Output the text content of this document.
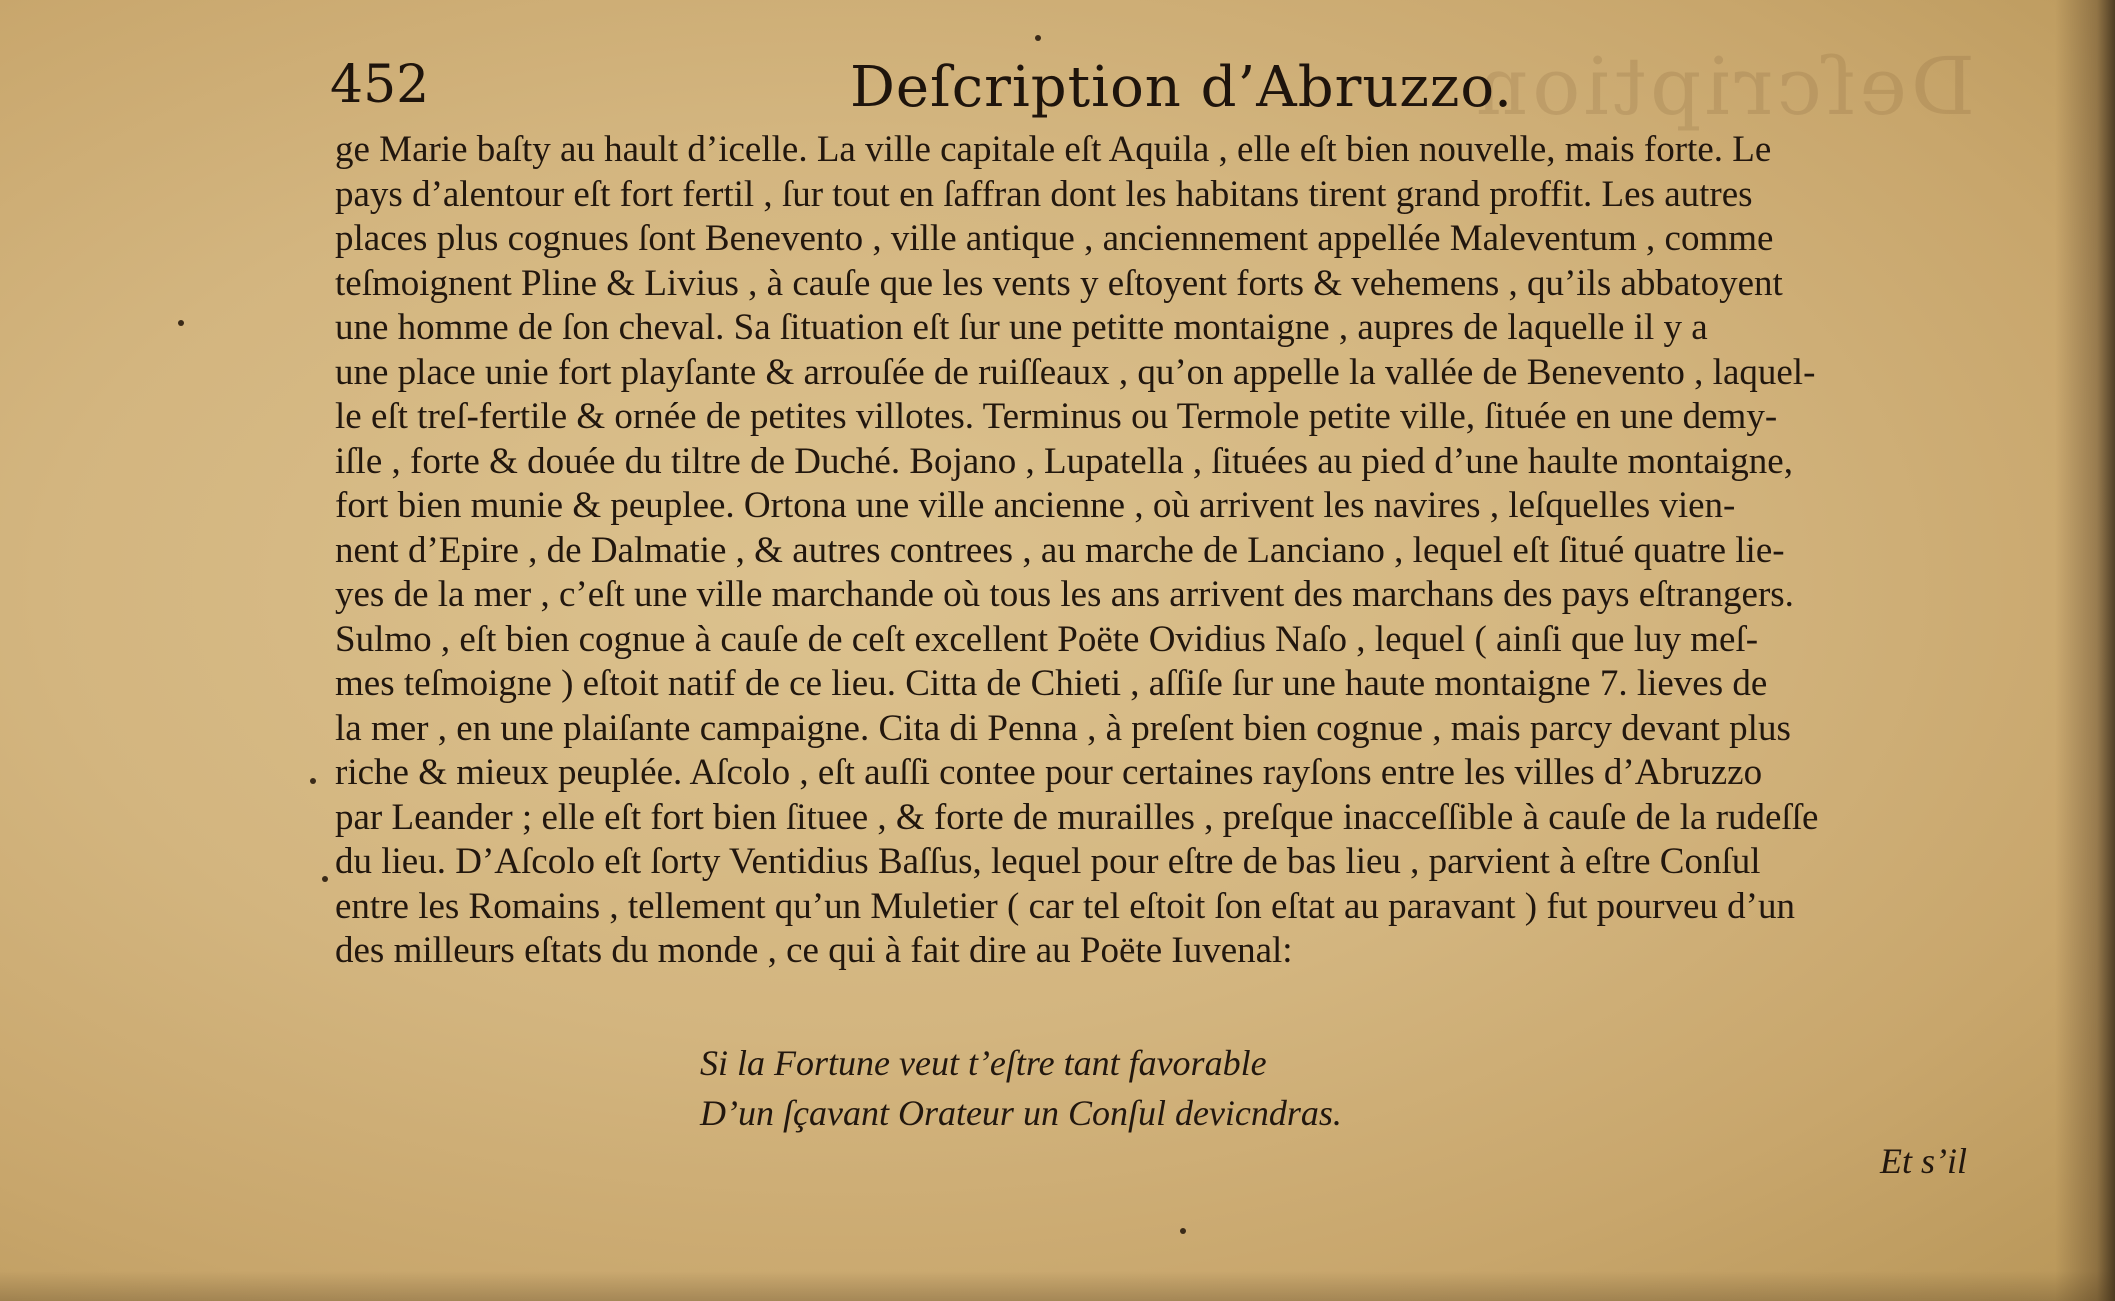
Deſcription
452	Deſcription d’Abruzzo.
ge Marie baſty au hault d’icelle. La ville capitale eſt Aquila , elle eſt bien nouvelle, mais forte. Le
pays d’alentour eſt fort fertil , ſur tout en ſaffran dont les habitans tirent grand proffit. Les autres
places plus cognues ſont Benevento , ville antique , anciennement appellée Maleventum , comme
teſmoignent Pline & Livius , à cauſe que les vents y eſtoyent forts & vehemens , qu’ils abbatoyent
une homme de ſon cheval. Sa ſituation eſt ſur une petitte montaigne , aupres de laquelle il y a
une place unie fort playſante & arrouſée de ruiſſeaux , qu’on appelle la vallée de Benevento , laquel-
le eſt treſ-fertile & ornée de petites villotes. Terminus ou Termole petite ville, ſituée en une demy-
iſle , forte & douée du tiltre de Duché. Bojano , Lupatella , ſituées au pied d’une haulte montaigne,
fort bien munie & peuplee. Ortona une ville ancienne , où arrivent les navires , leſquelles vien-
nent d’Epire , de Dalmatie , & autres contrees , au marche de Lanciano , lequel eſt ſitué quatre lie-
yes de la mer , c’eſt une ville marchande où tous les ans arrivent des marchans des pays eſtrangers.
Sulmo , eſt bien cognue à cauſe de ceſt excellent Poëte Ovidius Naſo , lequel ( ainſi que luy meſ-
mes teſmoigne ) eſtoit natif de ce lieu. Citta de Chieti , aſſiſe ſur une haute montaigne 7. lieves de
la mer , en une plaiſante campaigne. Cita di Penna , à preſent bien cognue , mais parcy devant plus
riche & mieux peuplée. Aſcolo , eſt auſſi contee pour certaines rayſons entre les villes d’Abruzzo
par Leander ; elle eſt fort bien ſituee , & forte de murailles , preſque inacceſſible à cauſe de la rudeſſe
du lieu. D’Aſcolo eſt ſorty Ventidius Baſſus, lequel pour eſtre de bas lieu , parvient à eſtre Conſul
entre les Romains , tellement qu’un Muletier ( car tel eſtoit ſon eſtat au paravant ) fut pourveu d’un
des milleurs eſtats du monde , ce qui à fait dire au Poëte Iuvenal:
Si la Fortune veut t’eſtre tant favorable
D’un ſçavant Orateur un Conſul devicndras.
Et s’il
